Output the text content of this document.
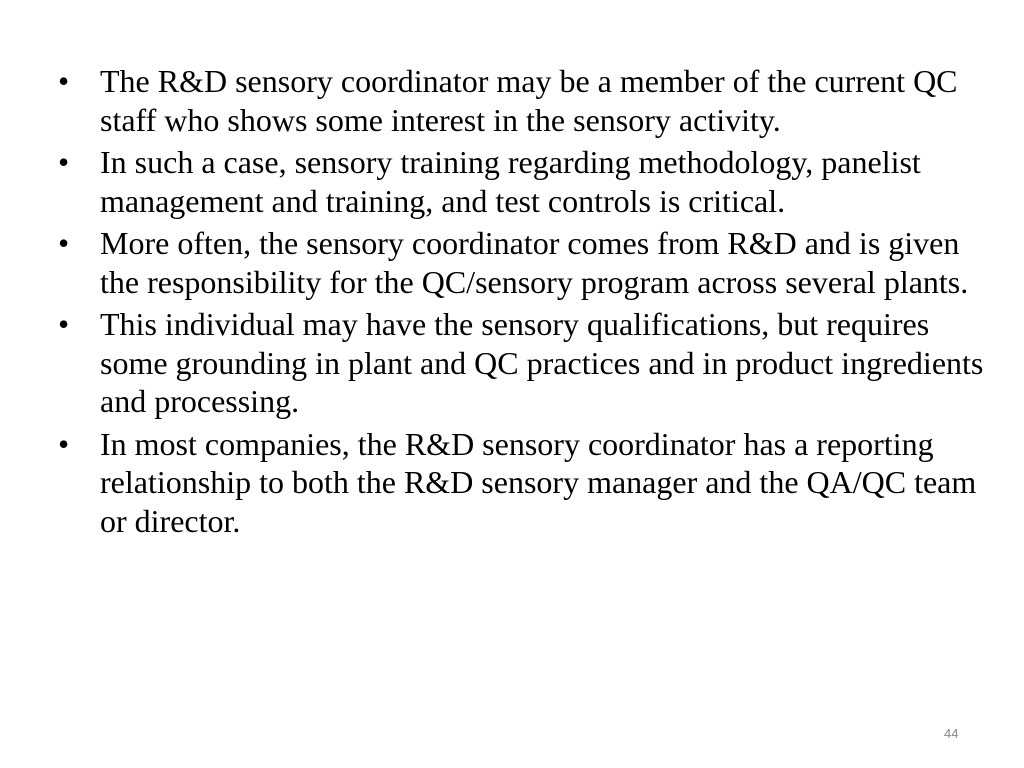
• The R&D sensory coordinator may be a member of the current QC staff who shows some interest in the sensory activity.
• In such a case, sensory training regarding methodology, panelist management and training, and test controls is critical.
• More often, the sensory coordinator comes from R&D and is given the responsibility for the QC/sensory program across several plants.
• This individual may have the sensory qualifications, but requires some grounding in plant and QC practices and in product ingredients and processing.
• In most companies, the R&D sensory coordinator has a reporting relationship to both the R&D sensory manager and the QA/QC team or director.
44
